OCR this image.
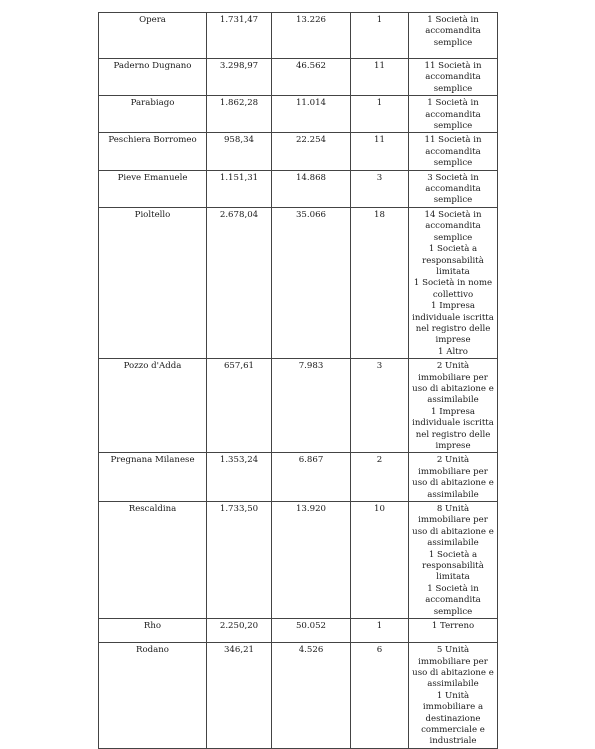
Opera	1.731,47	13.226	1	1 Società in accomandita semplice

Paderno Dugnano	3.298,97	46.562	11	11 Società in accomandita semplice

Parabiago	1.862,28	11.014	1	1 Società in accomandita semplice

Peschiera Borromeo	958,34	22.254	11	11 Società in accomandita semplice

Pieve Emanuele	1.151,31	14.868	3	3 Società in accomandita semplice

Pioltello	2.678,04	35.066	18	14 Società in accomandita semplice
1 Società a responsabilità limitata
1 Società in nome collettivo
1 Impresa individuale iscritta nel registro delle imprese
1 Altro

Pozzo d'Adda	657,61	7.983	3	2 Unità immobiliare per uso di abitazione e assimilabile
1 Impresa individuale iscritta nel registro delle imprese

Pregnana Milanese	1.353,24	6.867	2	2 Unità immobiliare per uso di abitazione e assimilabile

Rescaldina	1.733,50	13.920	10	8 Unità immobiliare per uso di abitazione e assimilabile
1 Società a responsabilità limitata
1 Società in accomandita semplice

Rho	2.250,20	50.052	1	1 Terreno

Rodano	346,21	4.526	6	5 Unità immobiliare per uso di abitazione e assimilabile
1 Unità immobiliare a destinazione commerciale e industriale
